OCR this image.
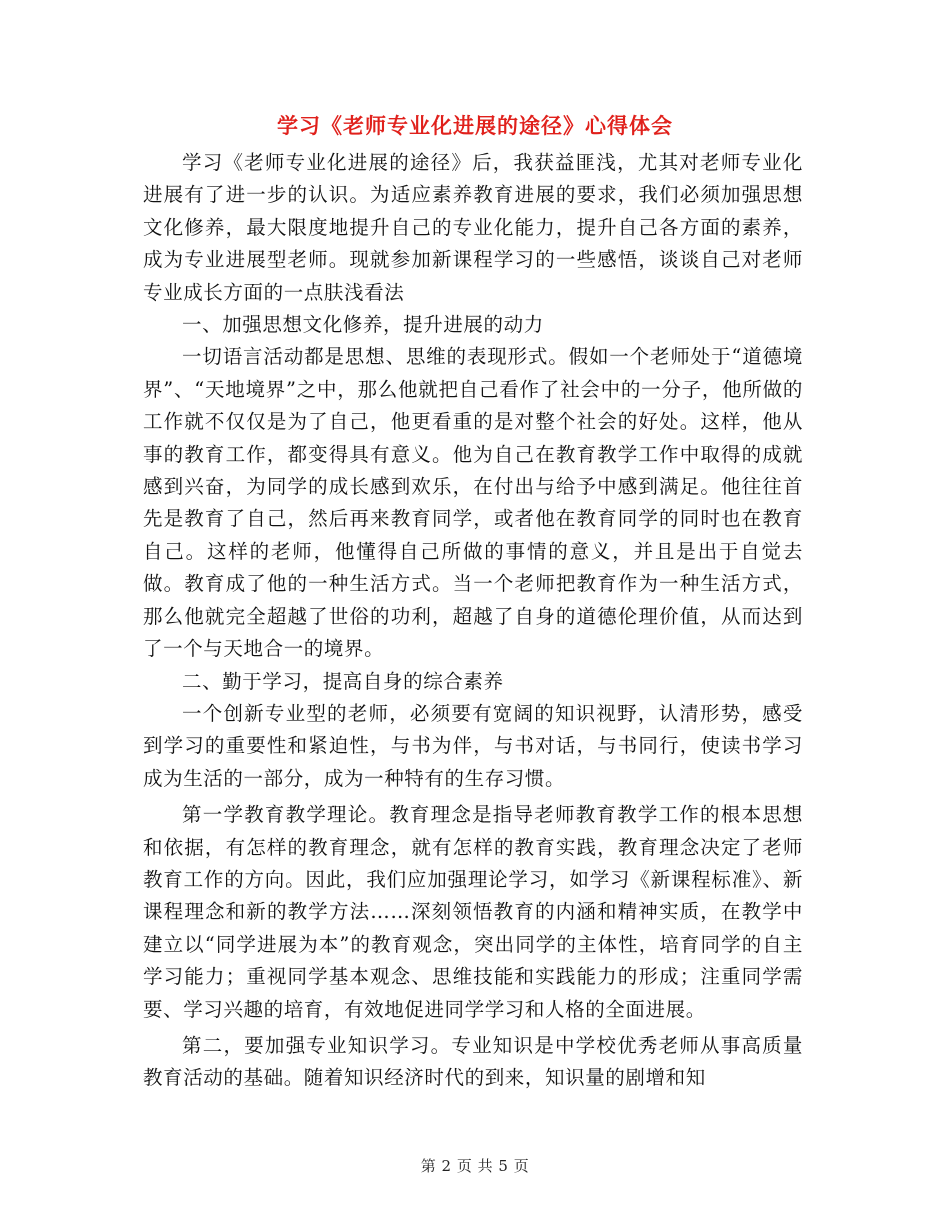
学习《老师专业化进展的途径》心得体会

学习《老师专业化进展的途径》后，我获益匪浅，尤其对老师专业化进展有了进一步的认识。为适应素养教育进展的要求，我们必须加强思想文化修养，最大限度地提升自己的专业化能力，提升自己各方面的素养，成为专业进展型老师。现就参加新课程学习的一些感悟，谈谈自己对老师专业成长方面的一点肤浅看法

一、加强思想文化修养，提升进展的动力

一切语言活动都是思想、思维的表现形式。假如一个老师处于“道德境界”、“天地境界”之中，那么他就把自己看作了社会中的一分子，他所做的工作就不仅仅是为了自己，他更看重的是对整个社会的好处。这样，他从事的教育工作，都变得具有意义。他为自己在教育教学工作中取得的成就感到兴奋，为同学的成长感到欢乐，在付出与给予中感到满足。他往往首先是教育了自己，然后再来教育同学，或者他在教育同学的同时也在教育自己。这样的老师，他懂得自己所做的事情的意义，并且是出于自觉去做。教育成了他的一种生活方式。当一个老师把教育作为一种生活方式，那么他就完全超越了世俗的功利，超越了自身的道德伦理价值，从而达到了一个与天地合一的境界。

二、勤于学习，提高自身的综合素养

一个创新专业型的老师，必须要有宽阔的知识视野，认清形势，感受到学习的重要性和紧迫性，与书为伴，与书对话，与书同行，使读书学习成为生活的一部分，成为一种特有的生存习惯。

第一学教育教学理论。教育理念是指导老师教育教学工作的根本思想和依据，有怎样的教育理念，就有怎样的教育实践，教育理念决定了老师教育工作的方向。因此，我们应加强理论学习，如学习《新课程标准》、新课程理念和新的教学方法……深刻领悟教育的内涵和精神实质，在教学中建立以“同学进展为本”的教育观念，突出同学的主体性，培育同学的自主学习能力；重视同学基本观念、思维技能和实践能力的形成；注重同学需要、学习兴趣的培育，有效地促进同学学习和人格的全面进展。

第二，要加强专业知识学习。专业知识是中学校优秀老师从事高质量教育活动的基础。随着知识经济时代的到来，知识量的剧增和知

第 2 页 共 5 页
